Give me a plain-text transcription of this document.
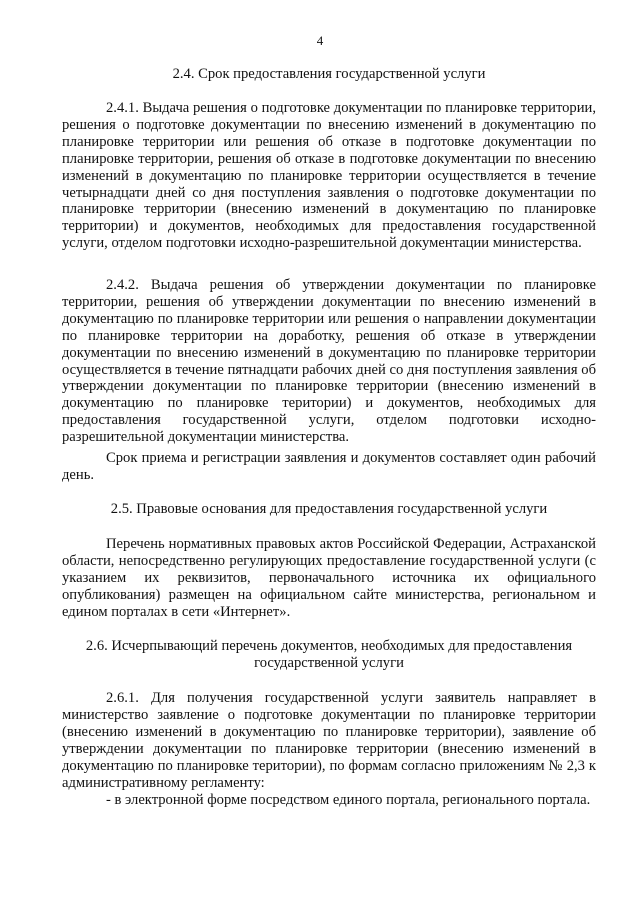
4
2.4. Срок предоставления государственной услуги

2.4.1. Выдача решения о подготовке документации по планировке территории, решения о подготовке документации по внесению изменений в документацию по планировке территории или решения об отказе в подготовке документации по планировке территории, решения об отказе в подготовке документации по внесению изменений в документацию по планировке территории осуществляется в течение четырнадцати дней со дня поступления заявления о подготовке документации по планировке территории (внесению изменений в документацию по планировке территории) и документов, необходимых для предоставления государственной услуги, отделом подготовки исходно-разрешительной документации министерства.

2.4.2. Выдача решения об утверждении документации по планировке территории, решения об утверждении документации по внесению изменений в документацию по планировке территории или решения о направлении документации по планировке территории на доработку, решения об отказе в утверждении документации по внесению изменений в документацию по планировке территории осуществляется в течение пятнадцати рабочих дней со дня поступления заявления об утверждении документации по планировке территории (внесению изменений в документацию по планировке територии) и документов, необходимых для предоставления государственной услуги, отделом подготовки исходно-разрешительной документации министерства.

Срок приема и регистрации заявления и документов составляет один рабочий день.

2.5. Правовые основания для предоставления государственной услуги

Перечень нормативных правовых актов Российской Федерации, Астраханской области, непосредственно регулирующих предоставление государственной услуги (с указанием их реквизитов, первоначального источника их официального опубликования) размещен на официальном сайте министерства, региональном и едином порталах в сети «Интернет».

2.6. Исчерпывающий перечень документов, необходимых для предоставления
государственной услуги

2.6.1. Для получения государственной услуги заявитель направляет в министерство заявление о подготовке документации по планировке территории (внесению изменений в документацию по планировке территории), заявление об утверждении документации по планировке территории (внесению изменений в документацию по планировке територии), по формам согласно приложениям № 2,3 к административному регламенту:

- в электронной форме посредством единого портала, регионального портала.
